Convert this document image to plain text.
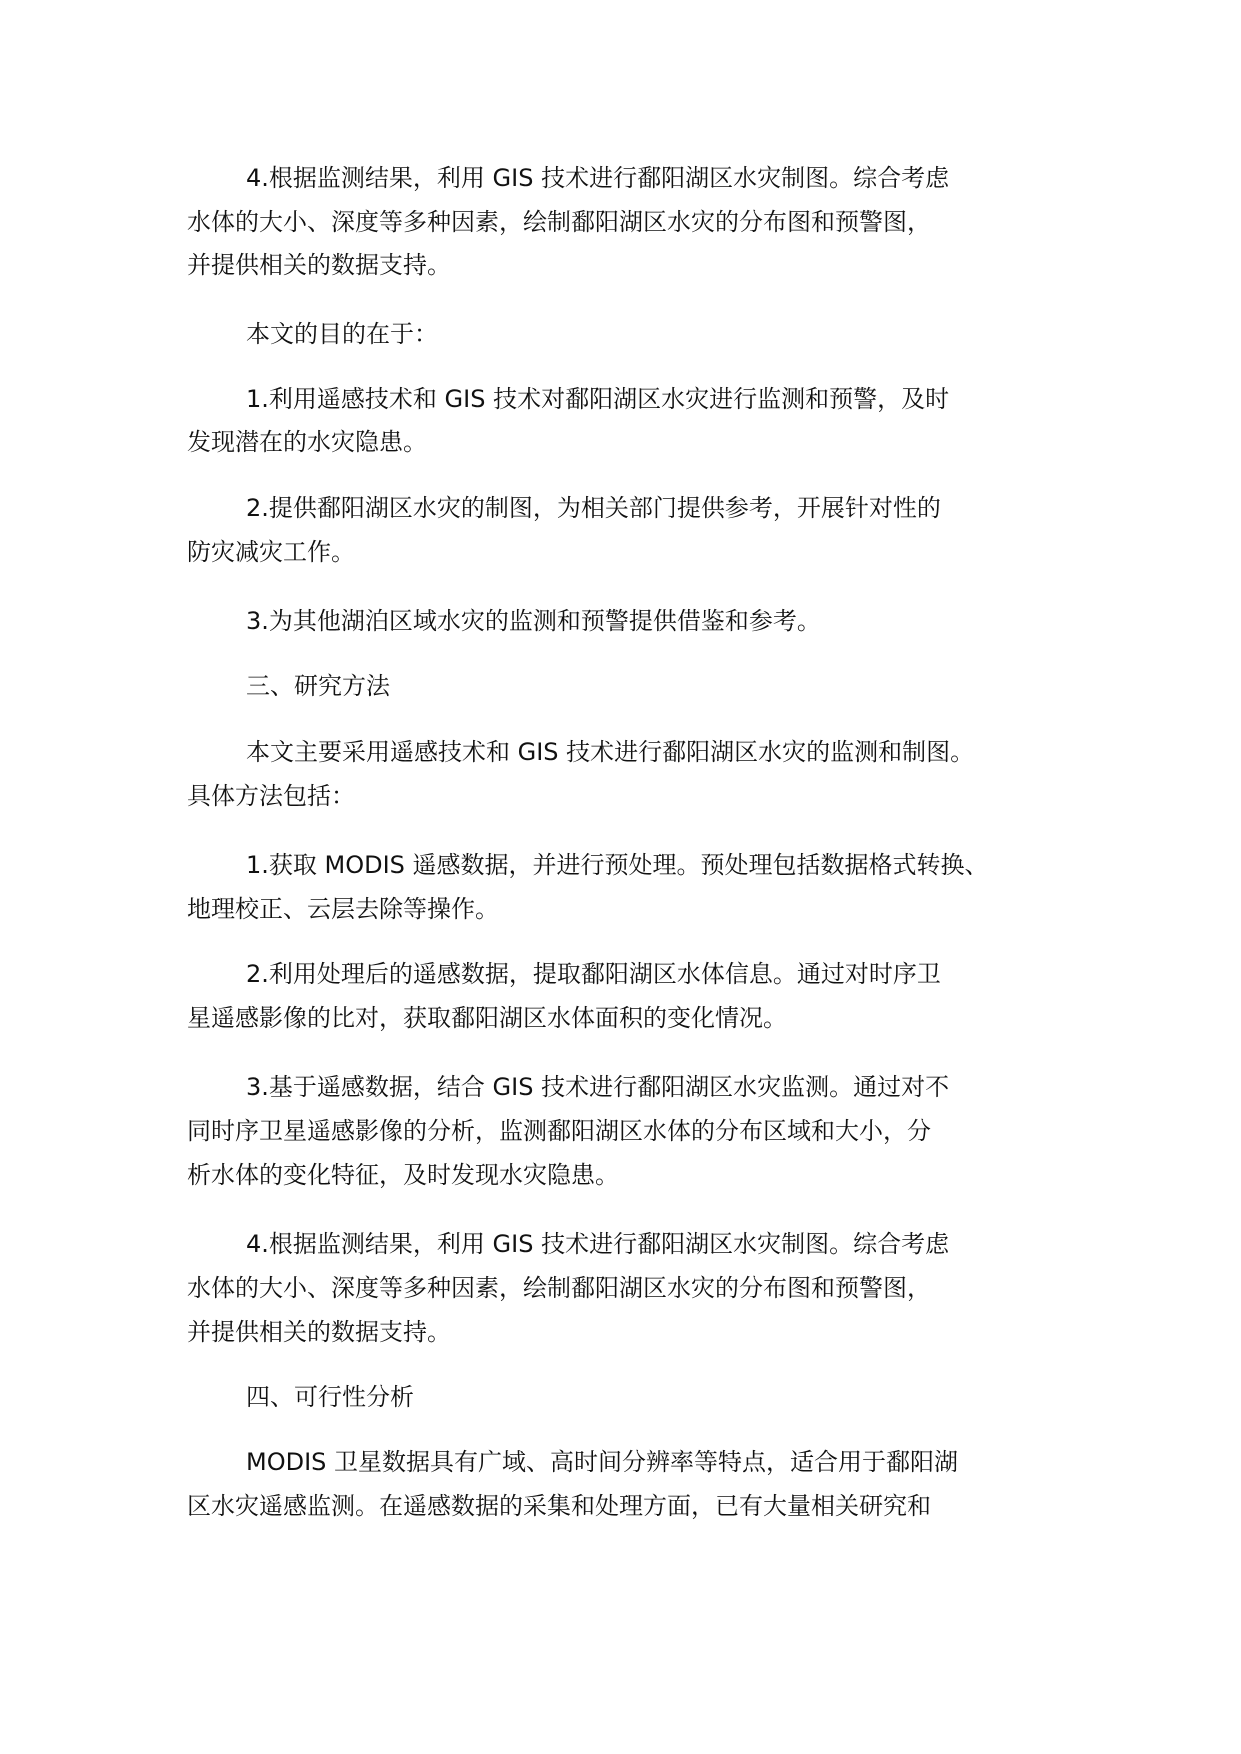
4.根据监测结果，利用 GIS 技术进行鄱阳湖区水灾制图。综合考虑
水体的大小、深度等多种因素，绘制鄱阳湖区水灾的分布图和预警图，
并提供相关的数据支持。
本文的目的在于：
1.利用遥感技术和 GIS 技术对鄱阳湖区水灾进行监测和预警，及时
发现潜在的水灾隐患。
2.提供鄱阳湖区水灾的制图，为相关部门提供参考，开展针对性的
防灾减灾工作。
3.为其他湖泊区域水灾的监测和预警提供借鉴和参考。
三、研究方法
本文主要采用遥感技术和 GIS 技术进行鄱阳湖区水灾的监测和制图。
具体方法包括：
1.获取 MODIS 遥感数据，并进行预处理。预处理包括数据格式转换、
地理校正、云层去除等操作。
2.利用处理后的遥感数据，提取鄱阳湖区水体信息。通过对时序卫
星遥感影像的比对，获取鄱阳湖区水体面积的变化情况。
3.基于遥感数据，结合 GIS 技术进行鄱阳湖区水灾监测。通过对不
同时序卫星遥感影像的分析，监测鄱阳湖区水体的分布区域和大小，分
析水体的变化特征，及时发现水灾隐患。
4.根据监测结果，利用 GIS 技术进行鄱阳湖区水灾制图。综合考虑
水体的大小、深度等多种因素，绘制鄱阳湖区水灾的分布图和预警图，
并提供相关的数据支持。
四、可行性分析
MODIS 卫星数据具有广域、高时间分辨率等特点，适合用于鄱阳湖
区水灾遥感监测。在遥感数据的采集和处理方面，已有大量相关研究和
